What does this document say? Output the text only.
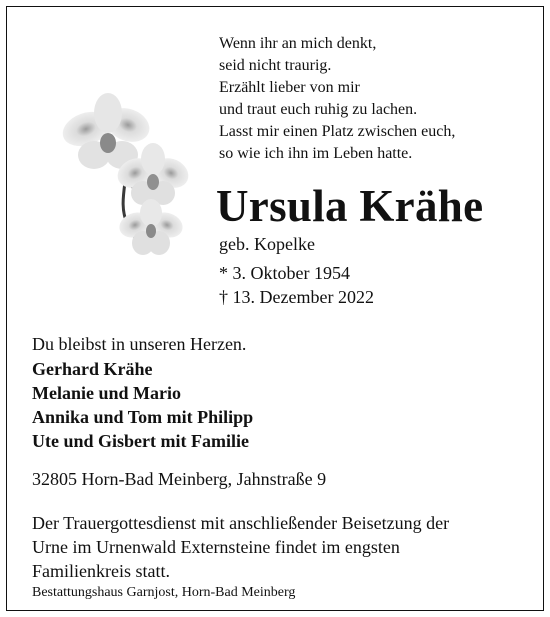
Wenn ihr an mich denkt,
seid nicht traurig.
Erzählt lieber von mir
und traut euch ruhig zu lachen.
Lasst mir einen Platz zwischen euch,
so wie ich ihn im Leben hatte.
Ursula Krähe
geb. Kopelke
* 3. Oktober 1954
† 13. Dezember 2022
Du bleibst in unseren Herzen.
Gerhard Krähe
Melanie und Mario
Annika und Tom mit Philipp
Ute und Gisbert mit Familie
32805 Horn-Bad Meinberg, Jahnstraße 9
Der Trauergottesdienst mit anschließender Beisetzung der
Urne im Urnenwald Externsteine findet im engsten
Familienkreis statt.
Bestattungshaus Garnjost, Horn-Bad Meinberg
